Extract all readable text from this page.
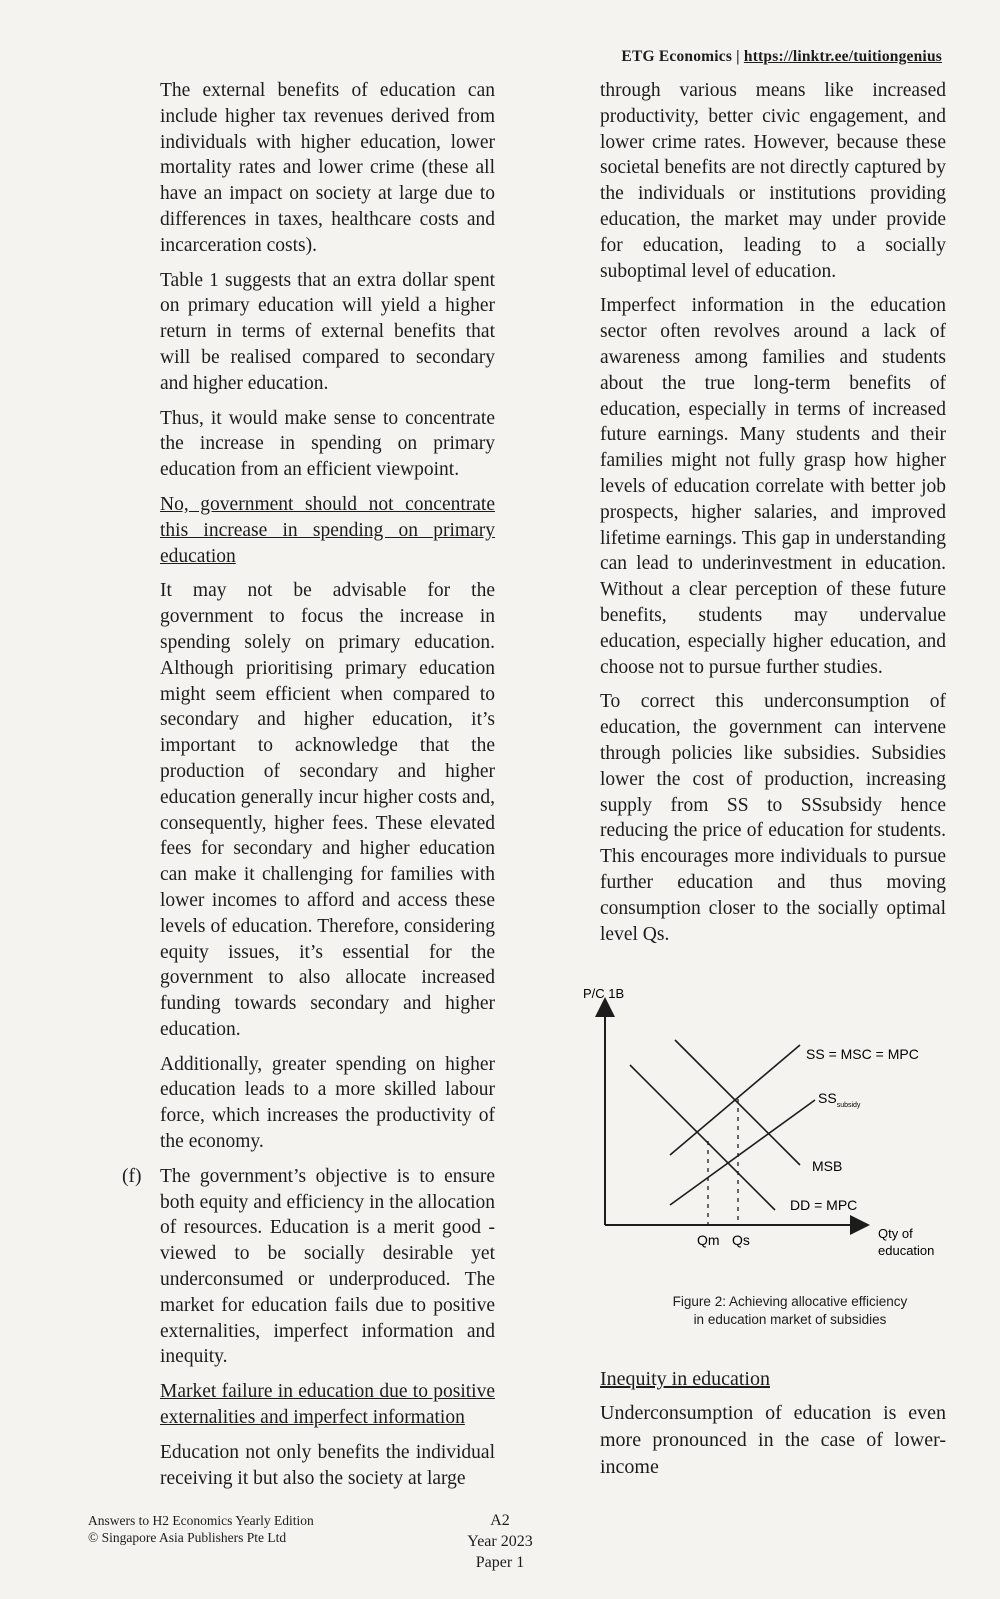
ETG Economics | https://linktr.ee/tuitiongenius

The external benefits of education can include higher tax revenues derived from individuals with higher education, lower mortality rates and lower crime (these all have an impact on society at large due to differences in taxes, healthcare costs and incarceration costs).

Table 1 suggests that an extra dollar spent on primary education will yield a higher return in terms of external benefits that will be realised compared to secondary and higher education.

Thus, it would make sense to concentrate the increase in spending on primary education from an efficient viewpoint.

No, government should not concentrate this increase in spending on primary education

It may not be advisable for the government to focus the increase in spending solely on primary education. Although prioritising primary education might seem efficient when compared to secondary and higher education, it’s important to acknowledge that the production of secondary and higher education generally incur higher costs and, consequently, higher fees. These elevated fees for secondary and higher education can make it challenging for families with lower incomes to afford and access these levels of education. Therefore, considering equity issues, it’s essential for the government to also allocate increased funding towards secondary and higher education.

Additionally, greater spending on higher education leads to a more skilled labour force, which increases the productivity of the economy.

(f) The government’s objective is to ensure both equity and efficiency in the allocation of resources. Education is a merit good - viewed to be socially desirable yet underconsumed or underproduced. The market for education fails due to positive externalities, imperfect information and inequity.

Market failure in education due to positive externalities and imperfect information

Education not only benefits the individual receiving it but also the society at large

through various means like increased productivity, better civic engagement, and lower crime rates. However, because these societal benefits are not directly captured by the individuals or institutions providing education, the market may under provide for education, leading to a socially suboptimal level of education.

Imperfect information in the education sector often revolves around a lack of awareness among families and students about the true long-term benefits of education, especially in terms of increased future earnings. Many students and their families might not fully grasp how higher levels of education correlate with better job prospects, higher salaries, and improved lifetime earnings. This gap in understanding can lead to underinvestment in education. Without a clear perception of these future benefits, students may undervalue education, especially higher education, and choose not to pursue further studies.

To correct this underconsumption of education, the government can intervene through policies like subsidies. Subsidies lower the cost of production, increasing supply from SS to SSsubsidy hence reducing the price of education for students. This encourages more individuals to pursue further education and thus moving consumption closer to the socially optimal level Qs.

P/C 1B
SS = MSC = MPC
$SS_{subsidy}$
MSB
DD = MPC
Qm Qs	Qty of
education
Figure 2: Achieving allocative efficiency
in education market of subsidies
Inequity in education
Underconsumption of education is even more pronounced in the case of lower-income
Answers to H2 Economics Yearly Edition
© Singapore Asia Publishers Pte Ltd
A2
Year 2023
Paper 1
